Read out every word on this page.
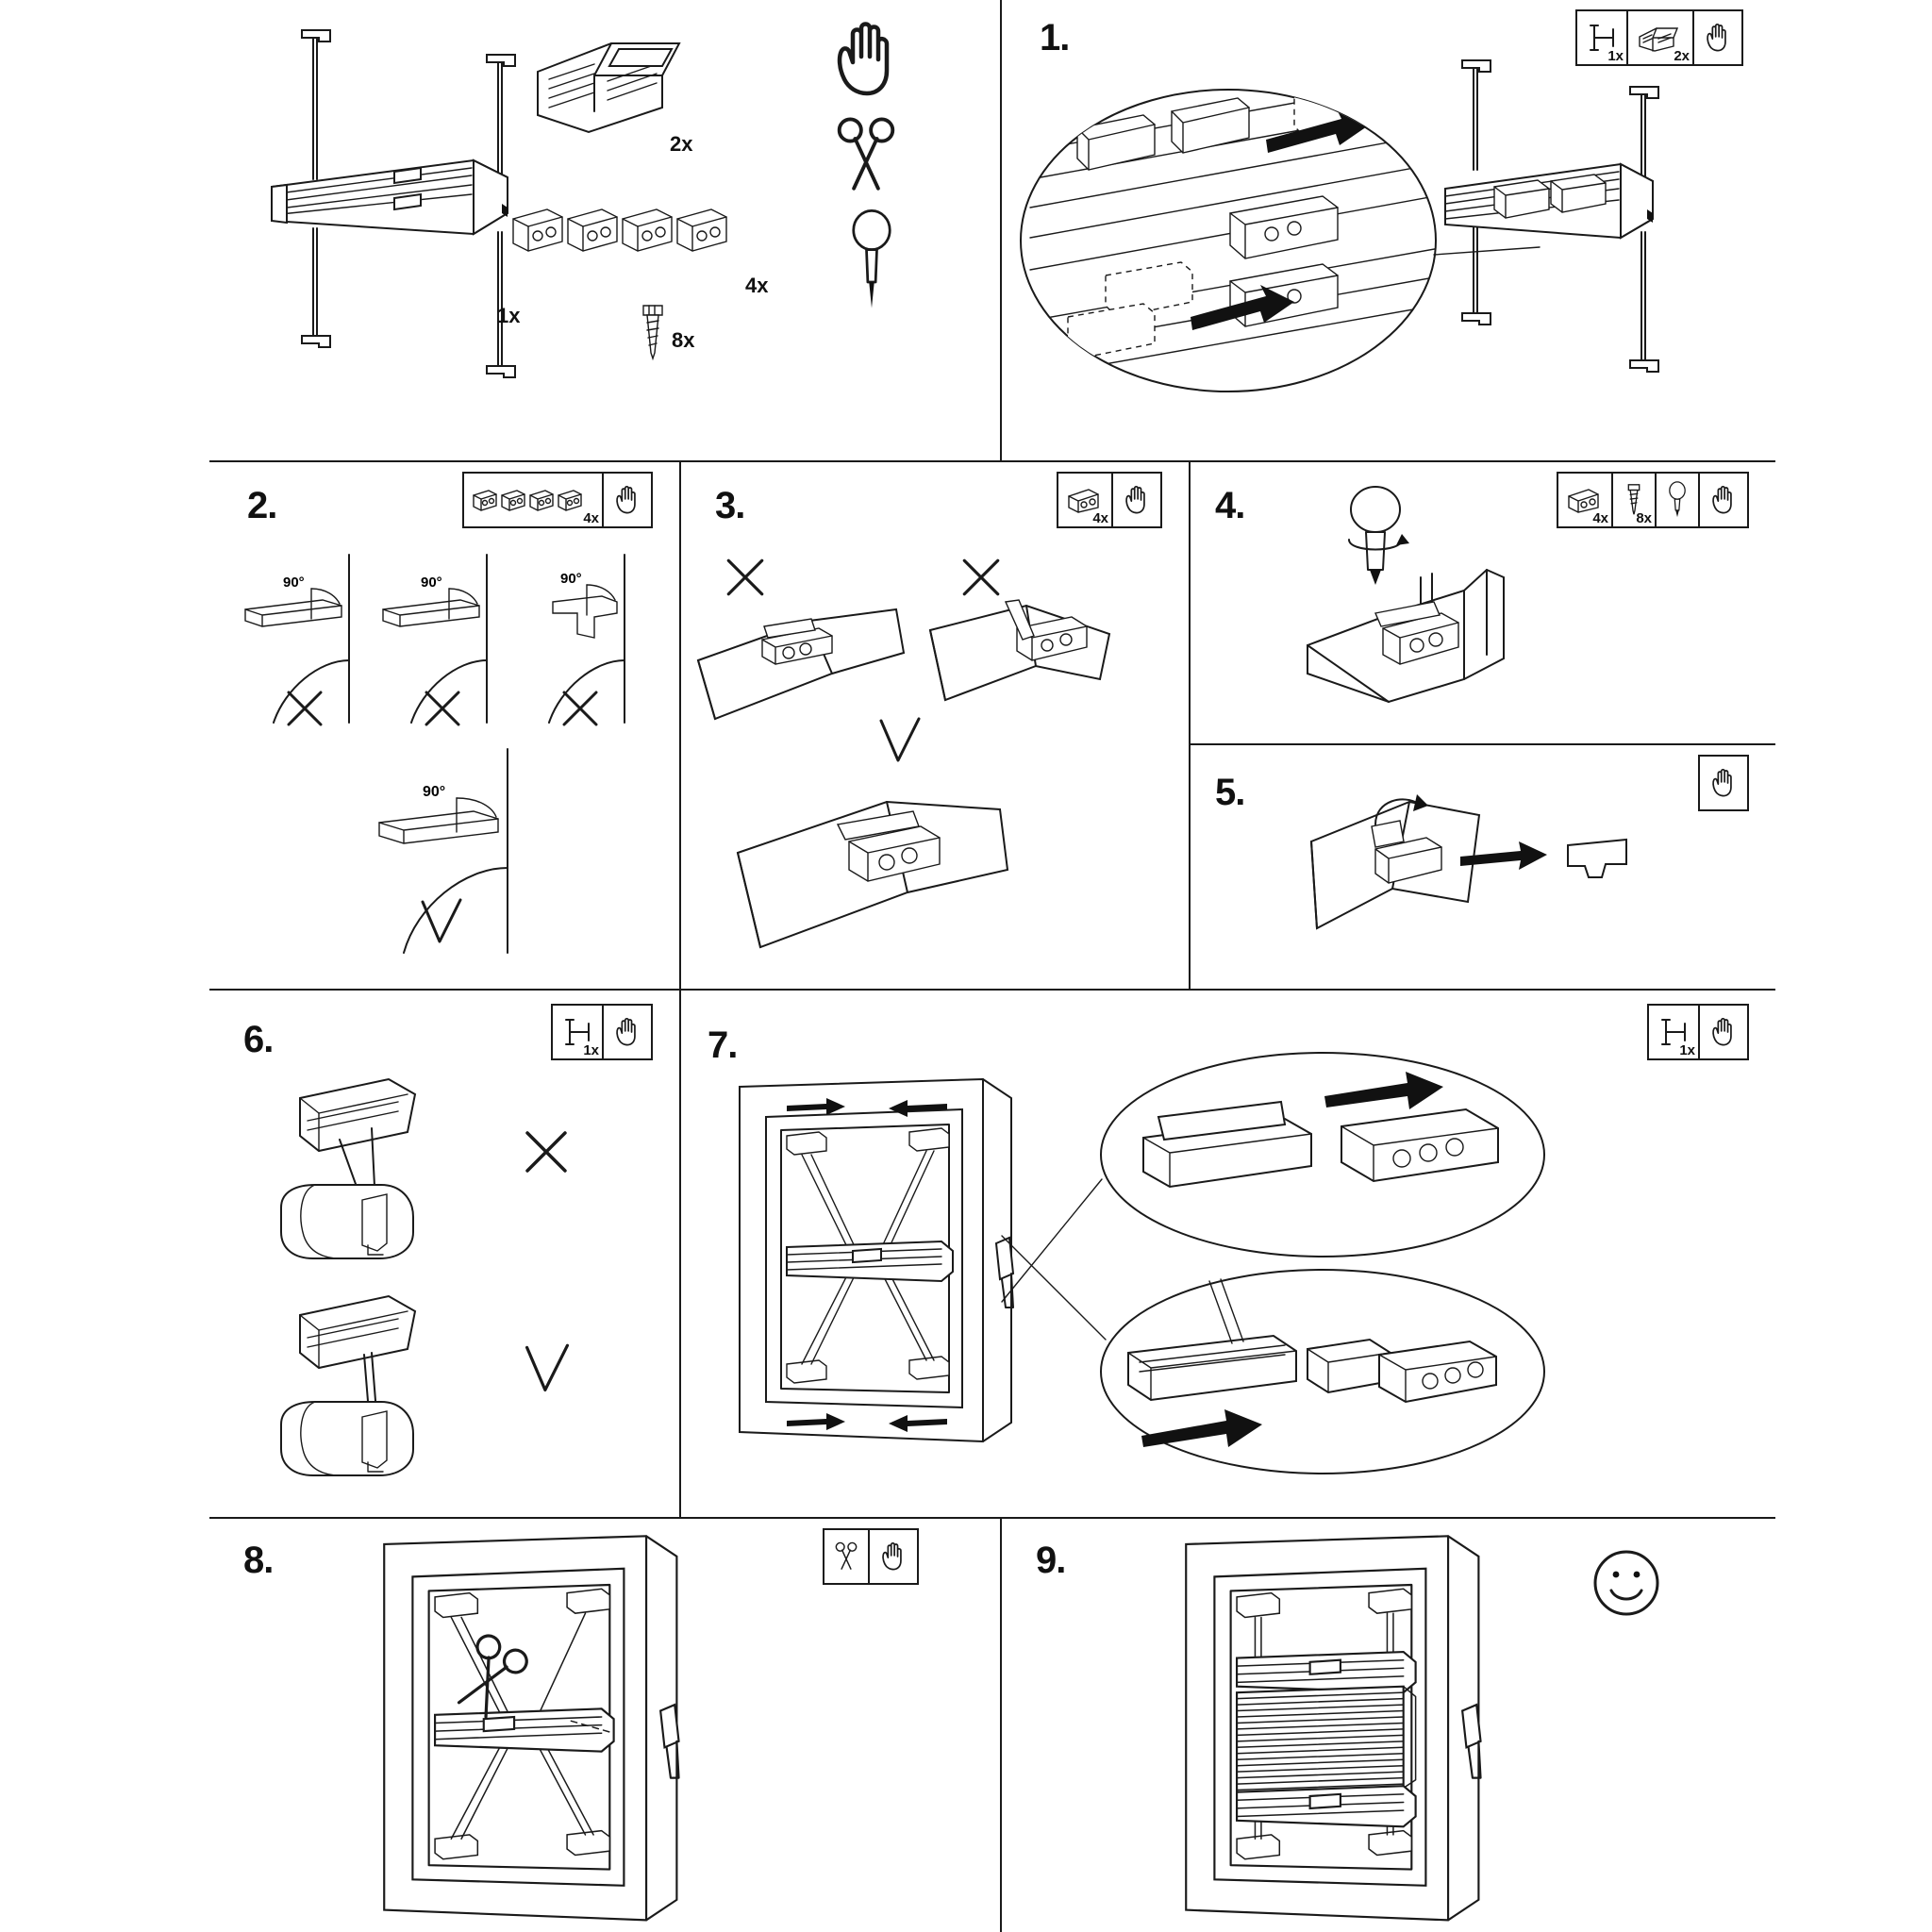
1x
2x
4x
8x
1.	1x	2x
2.	4x
90°	90°	90°
90°
3.	4x	4.	4x 8x
5.
6.	1x	7.	1x
8.	9.
